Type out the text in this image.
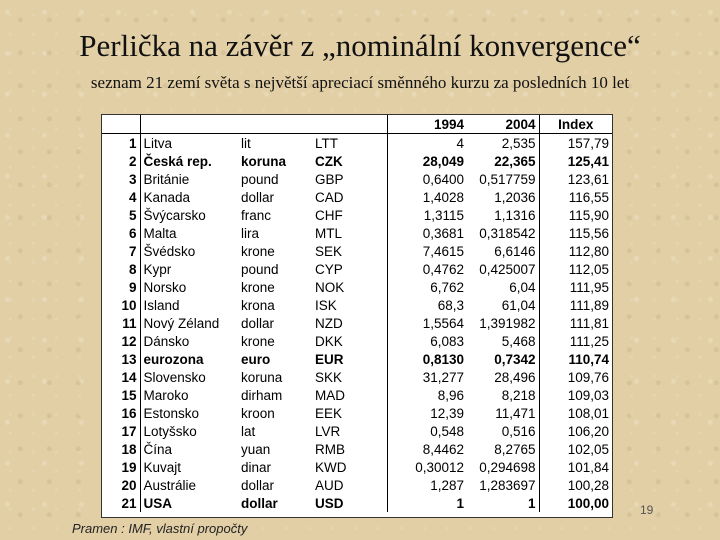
Perlička na závěr z „nominální konvergence“
seznam 21 zemí světa s největší apreciací směnného kurzu za posledních 10 let
				1994	2004	Index
1	Litva	lit	LTT	4	2,535	157,79
2	Česká rep.	koruna	CZK	28,049	22,365	125,41
3	Británie	pound	GBP	0,6400	0,517759	123,61
4	Kanada	dollar	CAD	1,4028	1,2036	116,55
5	Švýcarsko	franc	CHF	1,3115	1,1316	115,90
6	Malta	lira	MTL	0,3681	0,318542	115,56
7	Švédsko	krone	SEK	7,4615	6,6146	112,80
8	Kypr	pound	CYP	0,4762	0,425007	112,05
9	Norsko	krone	NOK	6,762	6,04	111,95
10	Island	krona	ISK	68,3	61,04	111,89
11	Nový Zéland	dollar	NZD	1,5564	1,391982	111,81
12	Dánsko	krone	DKK	6,083	5,468	111,25
13	eurozona	euro	EUR	0,8130	0,7342	110,74
14	Slovensko	koruna	SKK	31,277	28,496	109,76
15	Maroko	dirham	MAD	8,96	8,218	109,03
16	Estonsko	kroon	EEK	12,39	11,471	108,01
17	Lotyšsko	lat	LVR	0,548	0,516	106,20
18	Čína	yuan	RMB	8,4462	8,2765	102,05
19	Kuvajt	dinar	KWD	0,30012	0,294698	101,84
20	Austrálie	dollar	AUD	1,287	1,283697	100,28
21	USA	dollar	USD	1	1	100,00	19
Pramen : IMF, vlastní propočty
